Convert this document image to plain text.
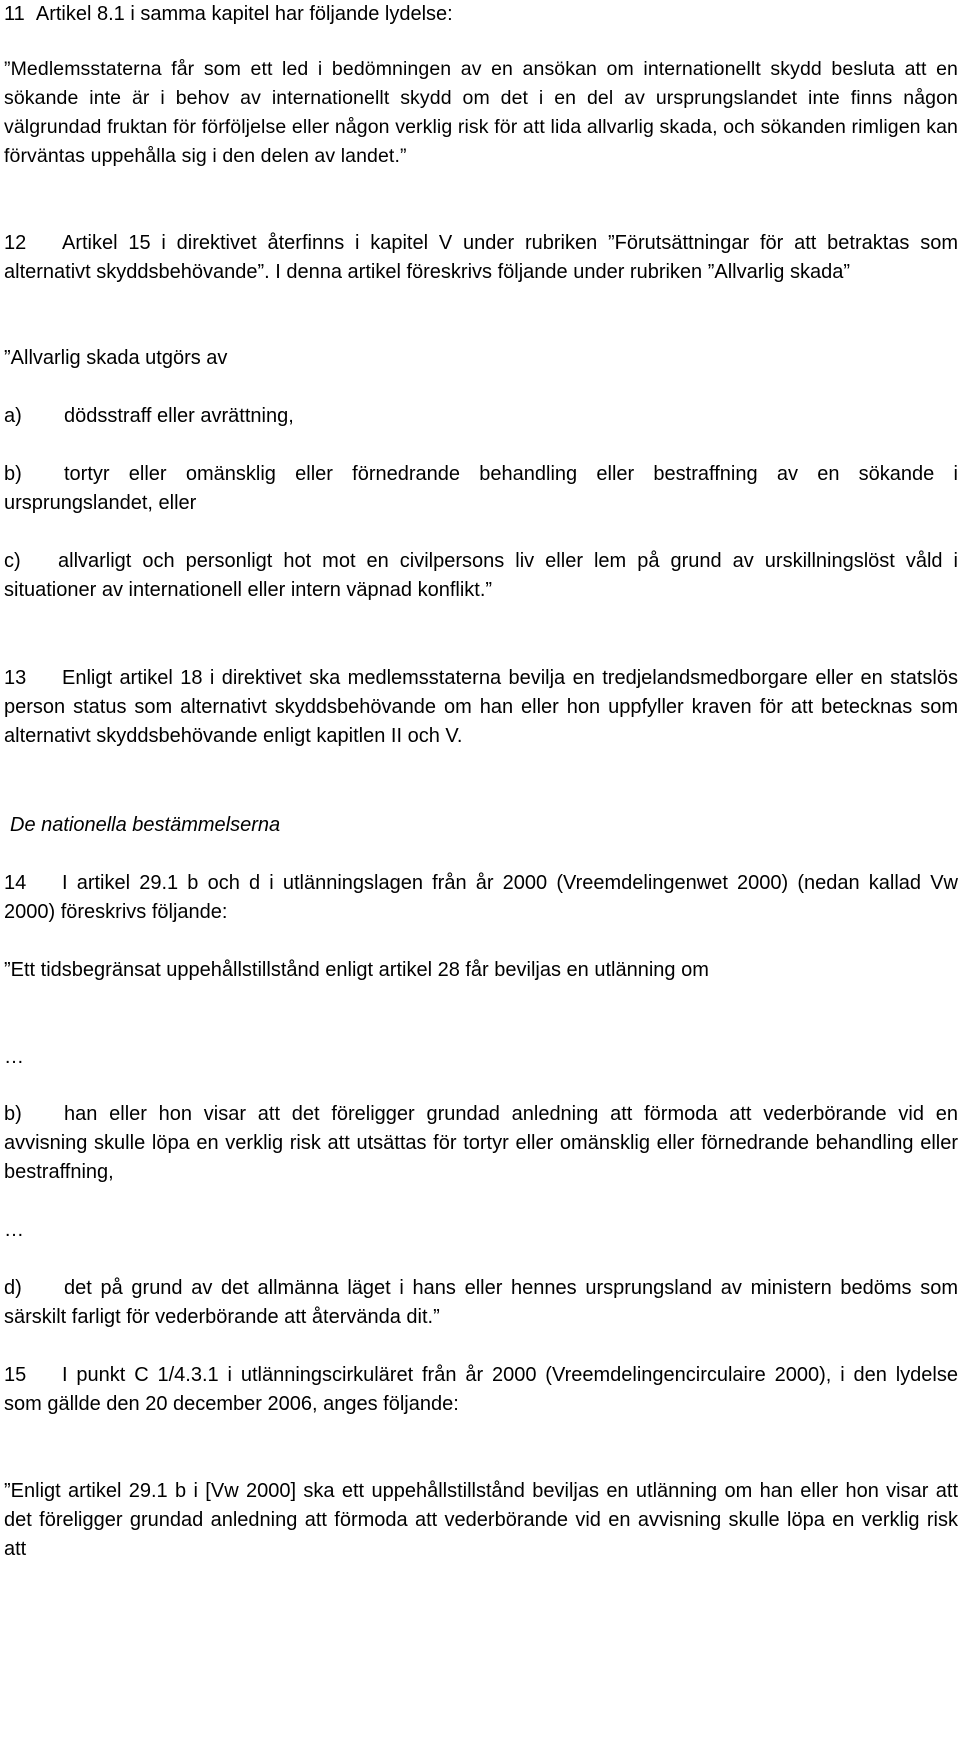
11  Artikel 8.1 i samma kapitel har följande lydelse:

”Medlemsstaterna får som ett led i bedömningen av en ansökan om internationellt skydd besluta att en sökande inte är i behov av internationellt skydd om det i en del av ursprungslandet inte finns någon välgrundad fruktan för förföljelse eller någon verklig risk för att lida allvarlig skada, och sökanden rimligen kan förväntas uppehålla sig i den delen av landet.”

12 Artikel 15 i direktivet återfinns i kapitel V under rubriken ”Förutsättningar för att betraktas som alternativt skyddsbehövande”. I denna artikel föreskrivs följande under rubriken ”Allvarlig skada”

”Allvarlig skada utgörs av

a) dödsstraff eller avrättning,

b) tortyr eller omänsklig eller förnedrande behandling eller bestraffning av en sökande i ursprungslandet, eller

c) allvarligt och personligt hot mot en civilpersons liv eller lem på grund av urskillningslöst våld i situationer av internationell eller intern väpnad konflikt.”

13 Enligt artikel 18 i direktivet ska medlemsstaterna bevilja en tredjelandsmedborgare eller en statslös person status som alternativt skyddsbehövande om han eller hon uppfyller kraven för att betecknas som alternativt skyddsbehövande enligt kapitlen II och V.

De nationella bestämmelserna

14 I artikel 29.1 b och d i utlänningslagen från år 2000 (Vreemdelingenwet 2000) (nedan kallad Vw 2000) föreskrivs följande:

”Ett tidsbegränsat uppehållstillstånd enligt artikel 28 får beviljas en utlänning om

…

b) han eller hon visar att det föreligger grundad anledning att förmoda att vederbörande vid en avvisning skulle löpa en verklig risk att utsättas för tortyr eller omänsklig eller förnedrande behandling eller bestraffning,

…

d) det på grund av det allmänna läget i hans eller hennes ursprungsland av ministern bedöms som särskilt farligt för vederbörande att återvända dit.”

15 I punkt C 1/4.3.1 i utlänningscirkuläret från år 2000 (Vreemdelingencirculaire 2000), i den lydelse som gällde den 20 december 2006, anges följande:

”Enligt artikel 29.1 b i [Vw 2000] ska ett uppehållstillstånd beviljas en utlänning om han eller hon visar att det föreligger grundad anledning att förmoda att vederbörande vid en avvisning skulle löpa en verklig risk att
